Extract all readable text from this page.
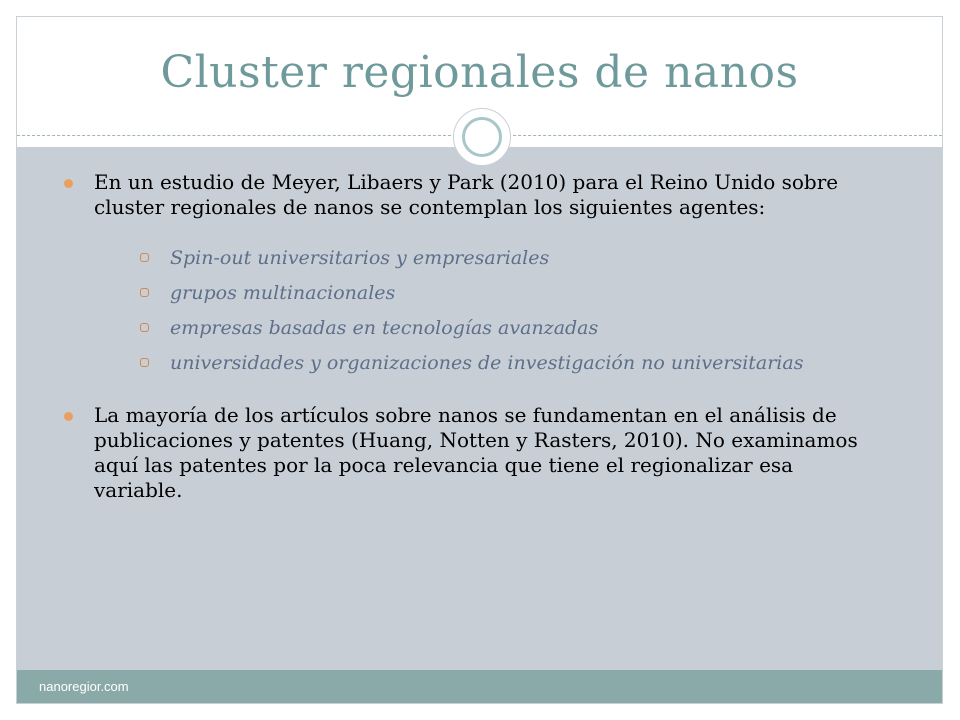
Cluster regionales de nanos
nanoregior.com
En un estudio de Meyer, Libaers y Park (2010) para el Reino Unido sobre cluster regionales de nanos se contemplan los siguientes agentes:
Spin-out universitarios y empresariales
grupos multinacionales
empresas basadas en tecnologías avanzadas
universidades y organizaciones de investigación no universitarias
La mayoría de los artículos sobre nanos se fundamentan en el análisis de publicaciones y patentes (Huang, Notten y Rasters, 2010). No examinamos aquí las patentes por la poca relevancia que tiene el regionalizar esa variable.
